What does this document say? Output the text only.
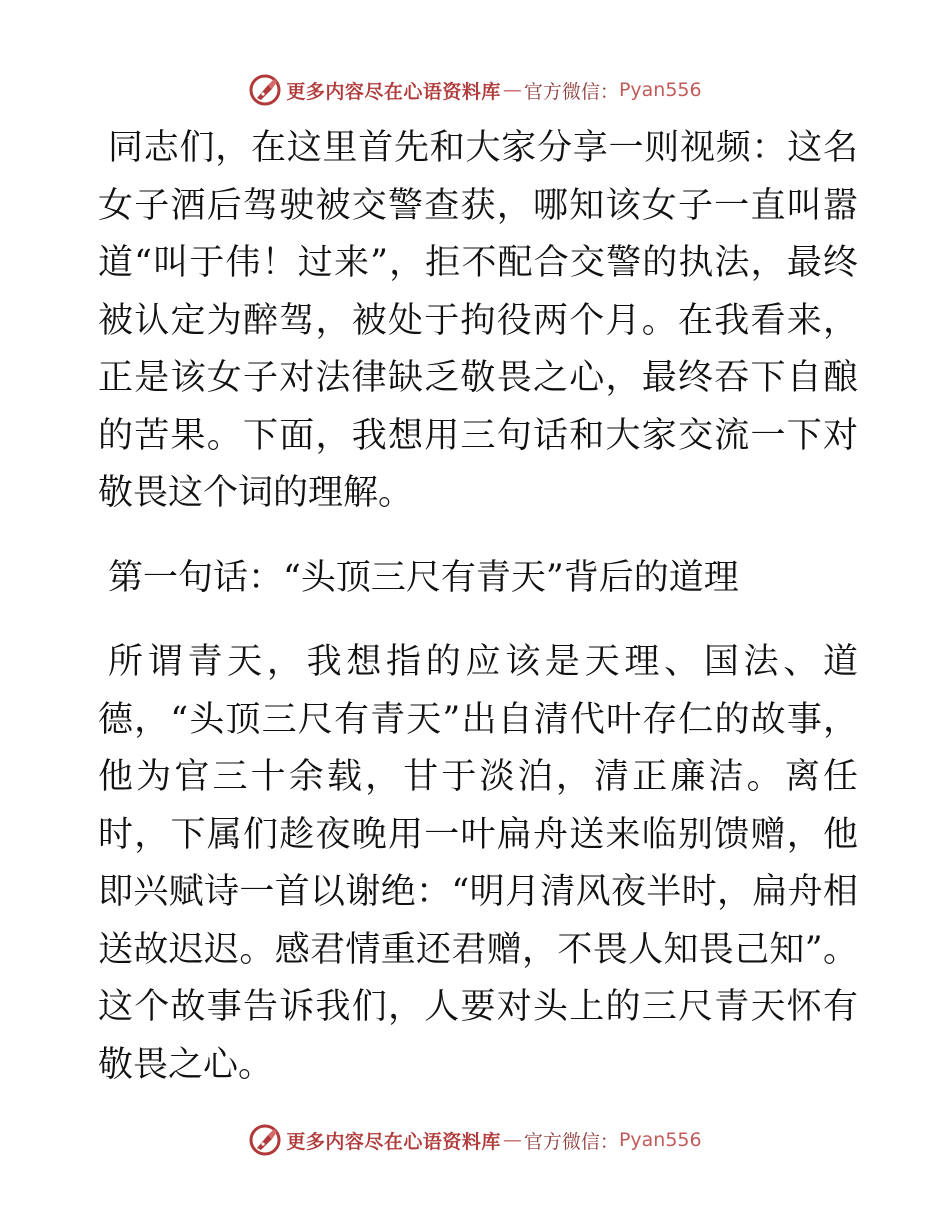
更多内容尽在心语资料库 — 官方微信： Pyan556

同志们，在这里首先和大家分享一则视频：这名女子酒后驾驶被交警查获，哪知该女子一直叫嚣道“叫于伟！过来”，拒不配合交警的执法，最终被认定为醉驾，被处于拘役两个月。在我看来，正是该女子对法律缺乏敬畏之心，最终吞下自酿的苦果。下面，我想用三句话和大家交流一下对敬畏这个词的理解。

第一句话：“头顶三尺有青天”背后的道理

所谓青天，我想指的应该是天理、国法、道德，“头顶三尺有青天”出自清代叶存仁的故事，他为官三十余载，甘于淡泊，清正廉洁。离任时，下属们趁夜晚用一叶扁舟送来临别馈赠，他即兴赋诗一首以谢绝：“明月清风夜半时，扁舟相送故迟迟。感君情重还君赠，不畏人知畏己知”。这个故事告诉我们，人要对头上的三尺青天怀有敬畏之心。

更多内容尽在心语资料库 — 官方微信： Pyan556
